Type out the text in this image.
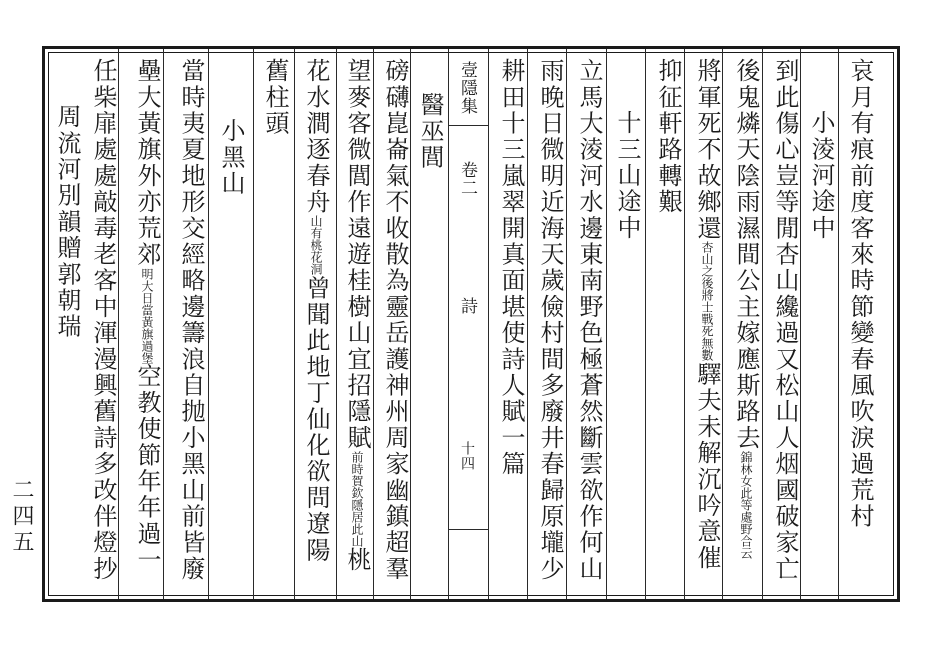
壹隱集
卷二
詩
十四	哀月有痕前度客來時節變春風吹淚過荒村
小淩河途中
到此傷心豈等閒杏山纔過又松山人烟國破家亡
後鬼燐天陰雨濕間公主嫁應斯路去錦林女此等處野合云
將軍死不故鄉還杏山之後將士戰死無數驛夫未解沉吟意催
抑征軒路轉艱
十三山途中
立馬大淩河水邊東南野色極蒼然斷雲欲作何山
雨晚日微明近海天歲儉村間多廢井春歸原壠少
耕田十三嵐翠開真面堪使詩人賦一篇
醫巫閭
磅礴崑崙氣不收散為靈岳護神州周家幽鎮超羣
望麥客微閭作遠遊桂樹山宜招隱賦前時賀欽隱居此山桃
花水澗逐春舟山有桃花洞曾聞此地丁仙化欲問遼陽
舊柱頭
小黑山
當時夷夏地形交經略邊籌浪自抛小黑山前皆廢
壘大黃旗外亦荒郊明大日當黃旗過堡空教使節年年過一
任柴扉處處敲毒老客中渾漫興舊詩多改伴燈抄
周流河別韻贈郭朝瑞
二四五
